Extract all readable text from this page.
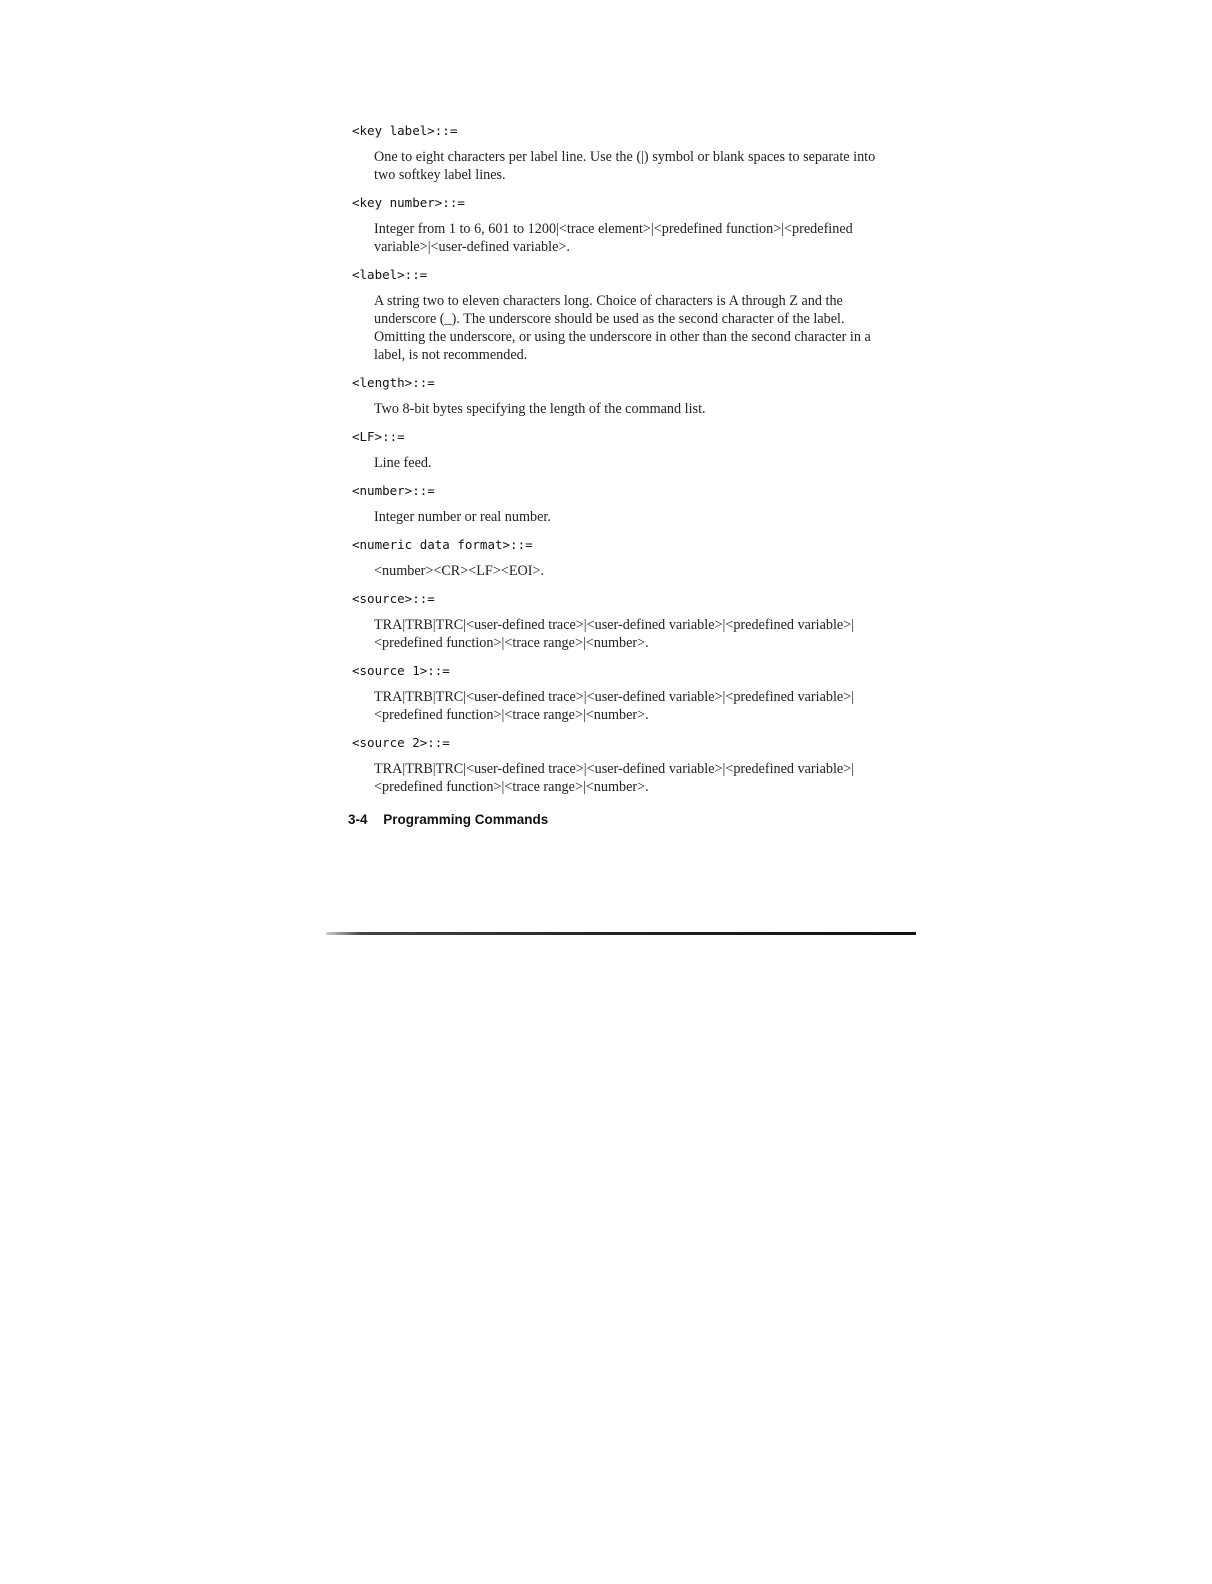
<key label>::=

One to eight characters per label line. Use the (|) symbol or blank spaces to separate into two softkey label lines.

<key number>::=

Integer from 1 to 6, 601 to 1200|<trace element>|<predefined function>|<predefined variable>|<user-defined variable>.

<label>::=

A string two to eleven characters long. Choice of characters is A through Z and the underscore (_). The underscore should be used as the second character of the label. Omitting the underscore, or using the underscore in other than the second character in a label, is not recommended.

<length>::=

Two 8-bit bytes specifying the length of the command list.

<LF>::=

Line feed.

<number>::=

Integer number or real number.

<numeric data format>::=

<number><CR><LF><EOI>.

<source>::=

TRA|TRB|TRC|<user-defined trace>|<user-defined variable>|<predefined variable>|<predefined function>|<trace range>|<number>.

<source 1>::=

TRA|TRB|TRC|<user-defined trace>|<user-defined variable>|<predefined variable>|<predefined function>|<trace range>|<number>.

<source 2>::=

TRA|TRB|TRC|<user-defined trace>|<user-defined variable>|<predefined variable>|<predefined function>|<trace range>|<number>.

3-4 Programming Commands
